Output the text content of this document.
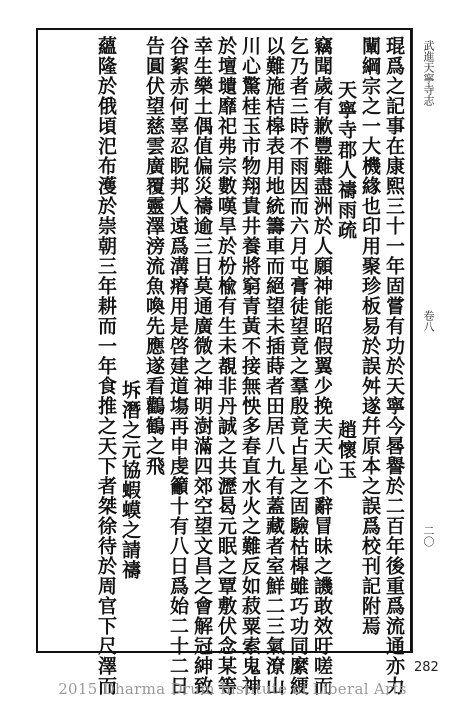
武進天寧寺志
卷八
二〇
琨爲之記事在康熙三十一年固嘗有功於天寧今晷譽於二百年後重爲流通亦力
闡綱宗之一大機緣也印用聚珍板易於誤舛遂幷原本之誤爲校刊記附焉
天寧寺郡人禱雨疏
趙懷玉
竊聞歲有歉豐難盡洲於人願神能昭假翼少挽夫天心不辭冒昧之譏敢效吁嗟而
乞乃者三時不雨因而六月屯膏徒望竟之羣殷竟占星之固驗枯槹雖巧功同縻綆
以難施桔槔表用地統籌車而絕望未插蒔者田居八九有蓋藏者室鮮二三氣潦山
川心驚桂玉市物翔貴井養將窮青黃不接無怏多春直水火之難反如菽粟索鬼神
於壇壝靡祀弗宗數嘆旱於枌楡有生未覩非丹誠之共瀝曷元眠之覃敷伏念某等
幸生樂土偶值偏災禱逾三日莫通廣微之神明澍滿四郊空望文昌之會解冠紳致
谷絮赤何辜忍睨邦人遠爲溝瘠用是啓建道塲再申虔籲十有八日爲始二十二日
告圓伏望慈雲廣覆靈澤滂流魚喚先應遂看鸛鶴之飛
坼潛之元協蝦蟆之請禱
蘊隆於俄頃汜布濩於崇朝三年耕而一年食推之天下者桀徐待於周官下尺澤而	282
2015 Dharma Drum Institute of Liberal Arts
